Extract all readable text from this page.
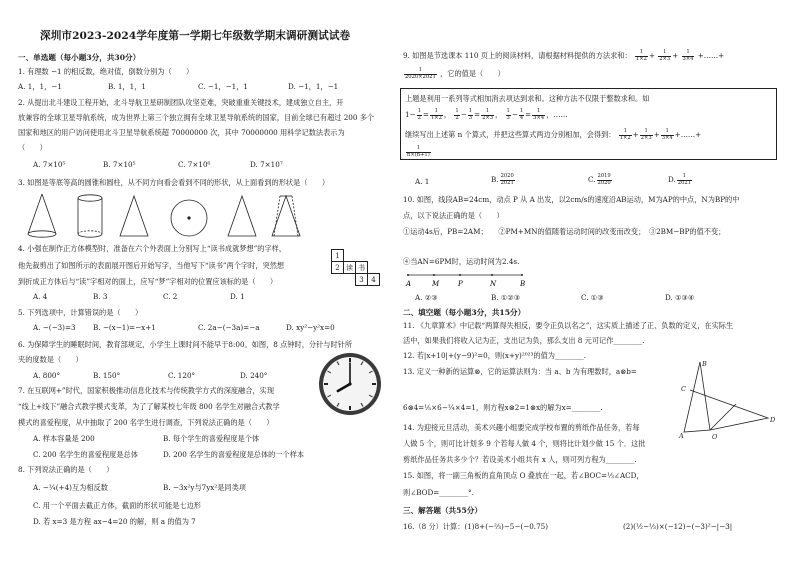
深圳市2023-2024学年度第一学期七年级数学期末调研测试试卷
一、单选题（每小题3分，共30分）
1. 有理数 −1 的相反数，绝对值，倒数分别为（　　）
A. 1，1，−1	B. 1，1，1	C. −1，−1，1	D. −1，1，−1
2. 从提出北斗建设工程开始，北斗导航卫星研制团队攻坚克难，突破重重关键技术，建成独立自主，开
放兼容的全球卫星导航系统，成为世界上第三个独立拥有全球卫星导航系统的国家，目前全球已有超过 200 多个
国家和地区的用户访问使用北斗卫星导航系统超 70000000 次，其中 70000000 用科学记数法表示为
（　　）
A. 7×10⁵	B. 7×10⁵	C. 7×10⁶	D. 7×10⁷
3. 如图是等底等高的圆锥和圆柱，从不同方向看会看到不同的形状，从上面看到的形状是（　　）
4. 小强在制作正方体模型时，准备在六个外表面上分别写上“读书成就梦想”的字样，
他先裁剪出了如图所示的表面展开图后开始写字，当他写下“读书”两个字时，突然想
到折成正方体后与“读”字相对的面上，应写“梦”字相对的位置应该标的是（　　）
A. 4	B. 3	C. 2	D. 1
5. 下列选项中，计算错误的是（　　）
A. −(−3)=3 B. −(x−1)=−x+1	C. 2a−(−3a)=−a	D. xy²−y²x=0
6. 为保障学生的睡眠时间，教育部规定，小学生上课时间不能早于8:00。如图，8 点钟时，分针与时针所
夹的度数是（　　）
A. 800°	B. 150°	C. 120°	D. 240°
7. 在互联网+”时代，国家积极推动信息化技术与传统教学方式的深度融合，实现
“线上+线下”融合式教学模式变革，为了了解某校七年级 800 名学生对融合式教学
模式的喜爱程度，从中抽取了 200 名学生进行调查，下列说法正确的是（　　）
A. 样本容量是 200	B. 每个学生的喜爱程度是个体
C. 200 名学生的喜爱程度是总体	D. 200 名学生的喜爱程度是总体的一个样本
8. 下列说法正确的是（　　）
A. −¼(+4)互为相反数	B. −3x²y与7yx²是同类项
C. 用一个平面去截正方体，截面的形状可能是七边形
D. 若 x=3 是方程 ax−4=20 的解，则 a 的值为 7
1			
2	读	书	
		3	4
9. 如图是节选课本 110 页上的阅读材料，请根据材料提供的方法求和： $\frac{1}{1\times 2} + \frac{1}{2\times 3} + \frac{1}{3\times 4}$ +……+
$\frac{1}{2020\times 2021}$ ，它的值是（　　）
上题是利用一系列等式相加消去项达到求和。这种方法不仅限于整数求和。如
$1- \frac{1}{2} = \frac{1}{1\times 2}$ ， $\frac{1}{2} - \frac{1}{3} = \frac{1}{2\times 3}$ ， $\frac{1}{3} - \frac{1}{4} = \frac{1}{3\times 4}$ ，……
继续写出上述第 n 个算式，并把这些算式两边分别相加，会得到： $\frac{1}{1\times 2} + \frac{1}{2\times 3} + \frac{1}{3\times 4}$ +……+
$\frac{1}{n\times(n+1)}$
A. 1	B. $\frac{2020}{2021}$	C. $\frac{2019}{2020}$	D. $\frac{1}{2021}$
10. 如图，线段AB=24cm，动点 P 从 A 出发，以2cm/s的速度沿AB运动，M为AP的中点，N为BP的中
点，以下说法正确的是（　　）
①运动4s后，PB=2AM；　　②PM+MN的值随着运动时间的改变而改变；　③2BM−BP的值不变；
④当AN=6PM时，运动时间为2.4s.
A. ②③	B. ①②③	C. ①③	D. ①③④
二、填空题（每小题3分，共15分）
11. 《九章算术》中记载“两算得失相反，要令正负以名之”，这实质上描述了正、负数的定义，在实际生
活中，如果我们将收入记为正，支出记为负，那么支出 8 元可记作________.
12. 若|x+10|+(y−9)²=0，则(x+y)²⁰²³的值为________.
13. 定义一种新的运算⊗，它的运算法则为：当 a、b 为有理数时，a⊗b=
6⊗4=⅕×6−¼×4=1，则方程x⊗2=1⊗x的解为x=________.
14. 为迎接元旦活动，美术兴趣小组要完成学校布置的剪纸作品任务，若每
人做 5 个，则可比计划多 9 个若每人做 4 个，则将比计划少做 15 个．这批
剪纸作品任务共多少个？若设美术小组共有 x 人，则可列方程为________.
15. 如图，将一副三角板的直角顶点 O 叠放在一起，若∠BOC=⅓∠ACD，
则∠BOD=________°.
三、解答题（共55分）
16.（8 分）计算：(1)8+(−⅔)−5−(−0.75)	(2)(½−⅓)×(−12)−(−3)²−|−3|
A	M	P	N	B
C
B
D
A	O
